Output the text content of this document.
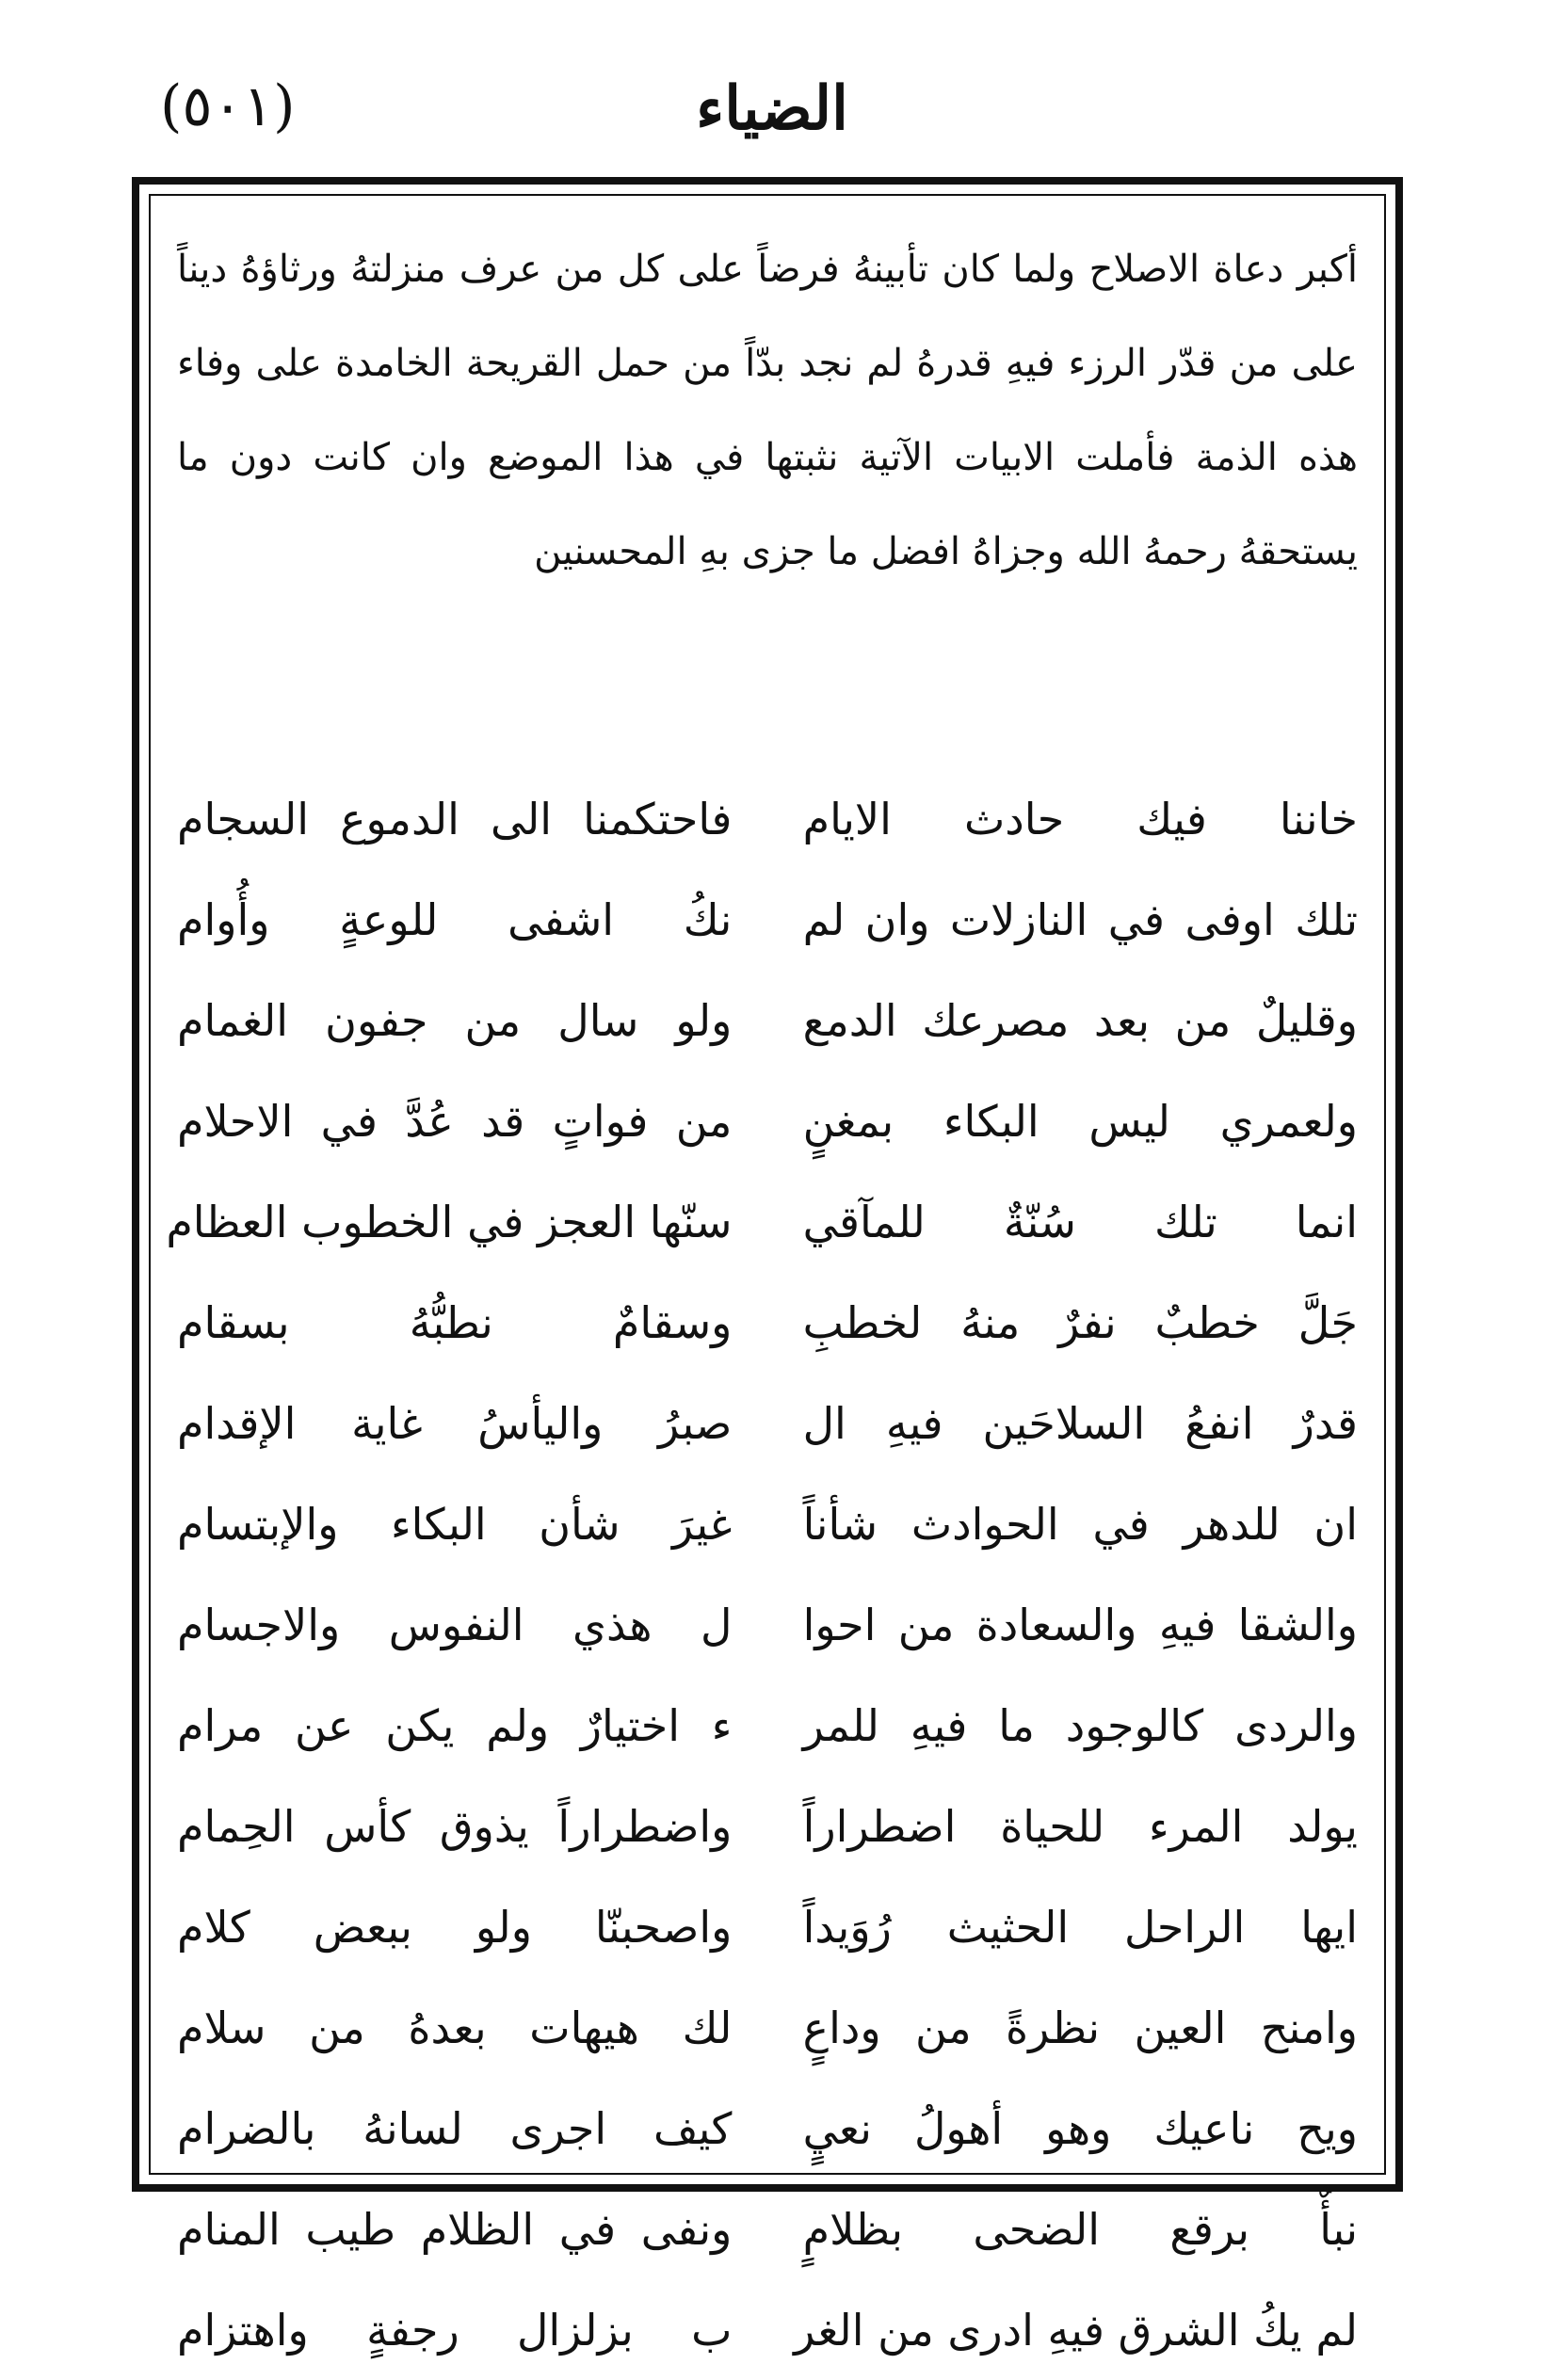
(٥٠١)	الضياء
أكبر دعاة الاصلاح ولما كان تأبينهُ فرضاً على كل من عرف منزلتهُ ورثاؤهُ ديناً على من قدّر الرزء فيهِ قدرهُ لم نجد بدّاً من حمل القريحة الخامدة على وفاء هذه الذمة فأملت الابيات الآتية نثبتها في هذا الموضع وان كانت دون ما يستحقهُ رحمهُ الله وجزاهُ افضل ما جزى بهِ المحسنين
خاننا فيك حادث الايام
فاحتكمنا الى الدموع السجام
تلك اوفى في النازلات وان لم
نكُ اشفى للوعةٍ وأُوام
وقليلٌ من بعد مصرعك الدمع
ولو سال من جفون الغمام
ولعمري ليس البكاء بمغنٍ
من فواتٍ قد عُدَّ في الاحلام
انما تلك سُنّةٌ للمآقي
سنّها العجز في الخطوب العظام
جَلَّ خطبٌ نفرٌ منهُ لخطبِ
وسقامٌ نطبُّهُ بسقام
قدرٌ انفعُ السلاحَين فيهِ ال
صبرُ واليأسُ غاية الإقدام
ان للدهر في الحوادث شأناً
غيرَ شأن البكاء والإبتسام
والشقا فيهِ والسعادة من احوا
ل هذي النفوس والاجسام
والردى كالوجود ما فيهِ للمر
ء اختيارٌ ولم يكن عن مرام
يولد المرء للحياة اضطراراً
واضطراراً يذوق كأس الحِمام
ايها الراحل الحثيث رُوَيداً
واصحبنّا ولو ببعض كلام
وامنح العين نظرةً من وداعٍ
لك هيهات بعدهُ من سلام
ويح ناعيك وهو أهولُ نعيٍ
كيف اجرى لسانهُ بالضرام
نبأٌ برقع الضحى بظلامٍ
ونفى في الظلام طيب المنام
لم يكُ الشرق فيهِ ادرى من الغر
ب بزلزال رجفةٍ واهتزام
